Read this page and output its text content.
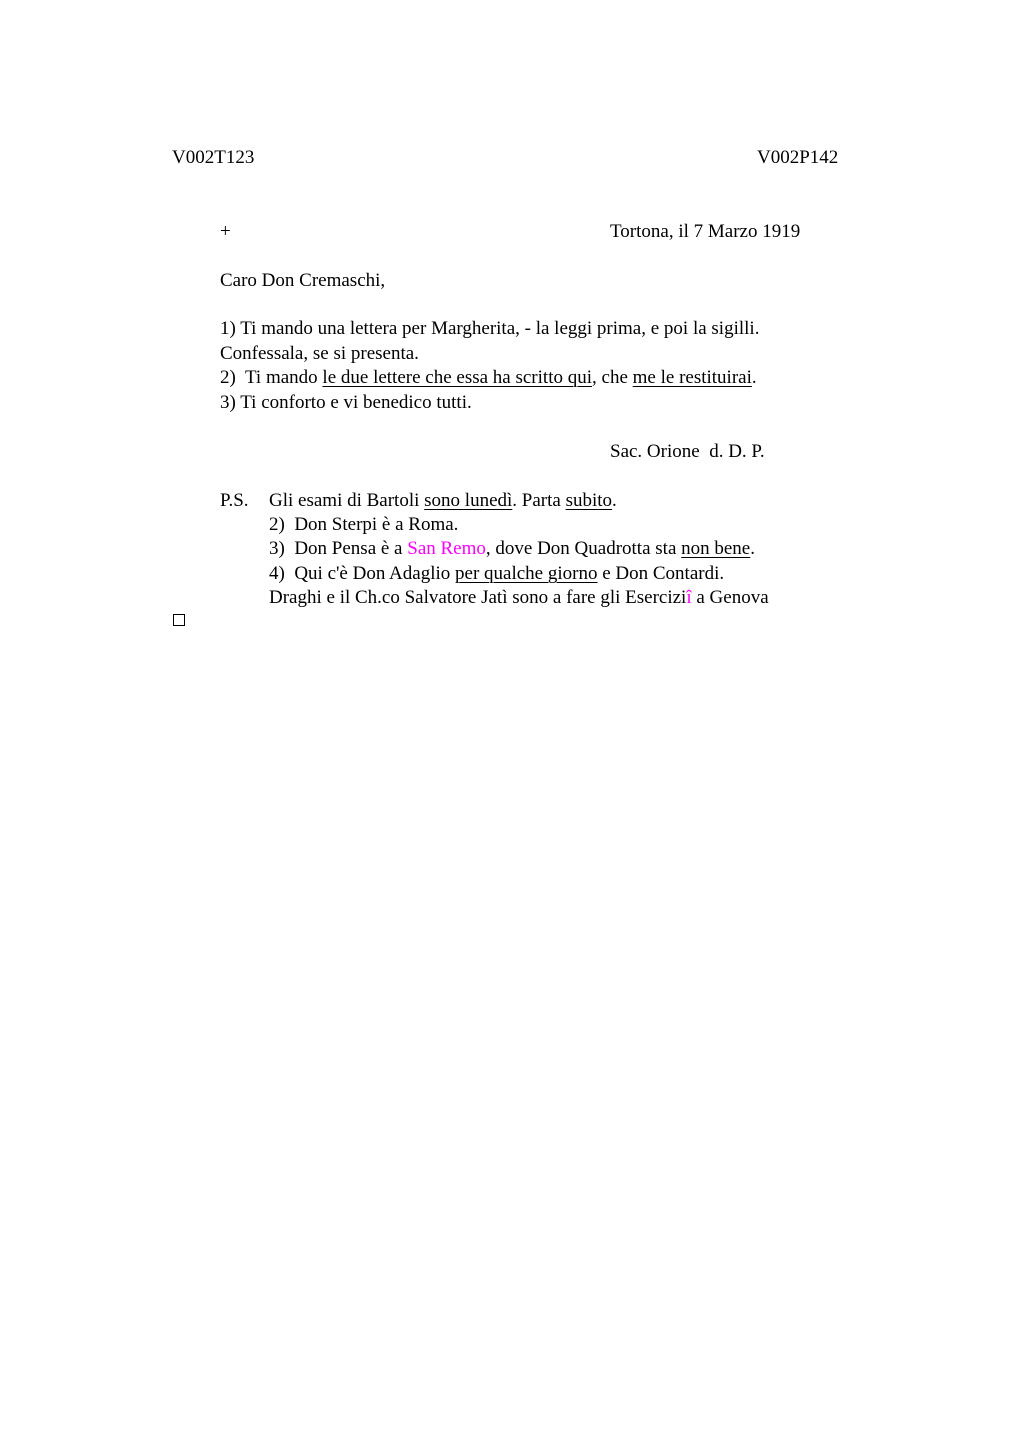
V002T123	V002P142
+	Tortona, il 7 Marzo 1919
Caro Don Cremaschi,
1) Ti mando una lettera per Margherita, - la leggi prima, e poi la sigilli.
Confessala, se si presenta.
2)  Ti mando le due lettere che essa ha scritto qui, che me le restituirai.
3) Ti conforto e vi benedico tutti.
Sac. Orione  d. D. P.
P.S. Gli esami di Bartoli sono lunedì. Parta subito.
2)  Don Sterpi è a Roma.
3)  Don Pensa è a San Remo, dove Don Quadrotta sta non bene.
4)  Qui c'è Don Adaglio per qualche giorno e Don Contardi.
Draghi e il Ch.co Salvatore Jatì sono a fare gli Eserciziî a Genova
